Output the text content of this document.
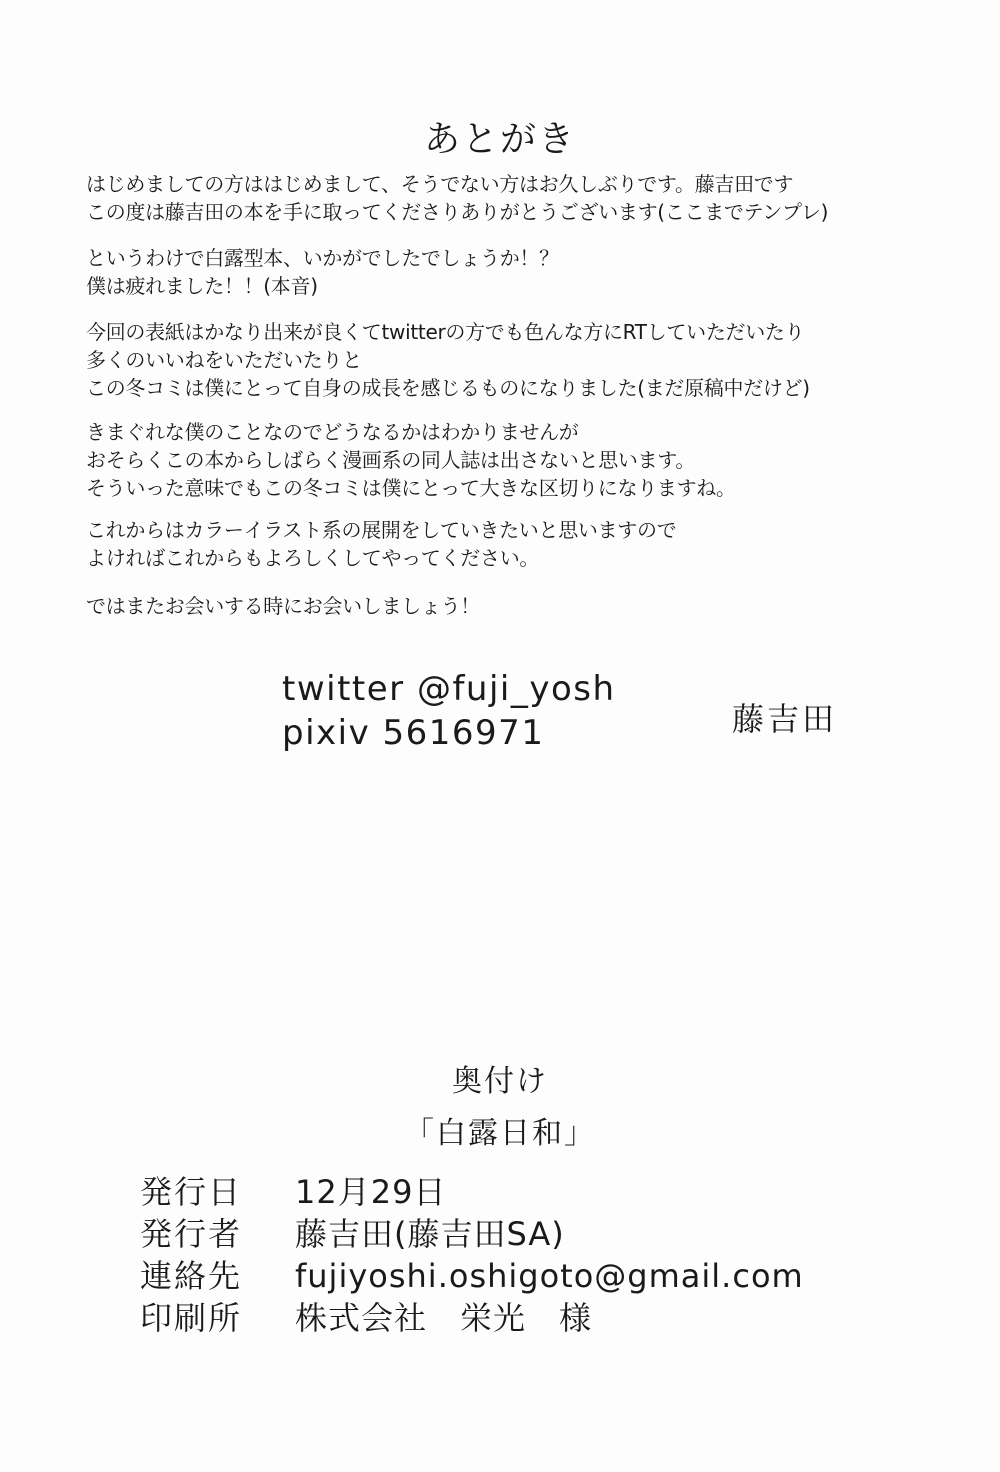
あとがき
はじめましての方ははじめまして、そうでない方はお久しぶりです。藤吉田です
この度は藤吉田の本を手に取ってくださりありがとうございます(ここまでテンプレ)
というわけで白露型本、いかがでしたでしょうか！？
僕は疲れました！！(本音)
今回の表紙はかなり出来が良くてtwitterの方でも色んな方にRTしていただいたり
多くのいいねをいただいたりと
この冬コミは僕にとって自身の成長を感じるものになりました(まだ原稿中だけど)
きまぐれな僕のことなのでどうなるかはわかりませんが
おそらくこの本からしばらく漫画系の同人誌は出さないと思います。
そういった意味でもこの冬コミは僕にとって大きな区切りになりますね。
これからはカラーイラスト系の展開をしていきたいと思いますので
よければこれからもよろしくしてやってください。
ではまたお会いする時にお会いしましょう！
twitter @fuji_yosh
pixiv 5616971	藤吉田
奥付け
「白露日和」
発行日 12月29日
発行者 藤吉田(藤吉田SA)
連絡先 fujiyoshi.oshigoto@gmail.com
印刷所 株式会社　栄光　様
